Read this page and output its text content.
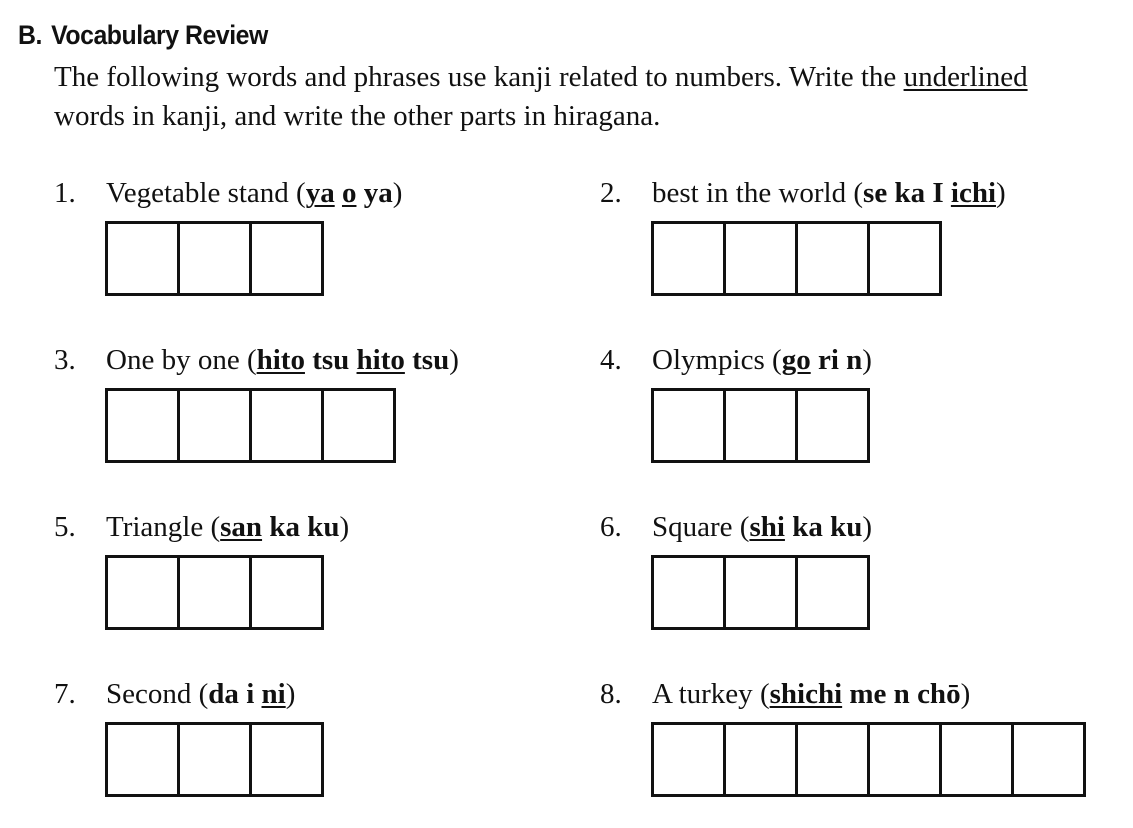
B. Vocabulary Review
The following words and phrases use kanji related to numbers. Write the underlined
words in kanji, and write the other parts in hiragana.
1. Vegetable stand (ya o ya)	2. best in the world (se ka I ichi)
3. One by one (hito tsu hito tsu)	4. Olympics (go ri n)
5. Triangle (san ka ku)	6. Square (shi ka ku)
7. Second (da i ni)	8. A turkey (shichi me n chō)
